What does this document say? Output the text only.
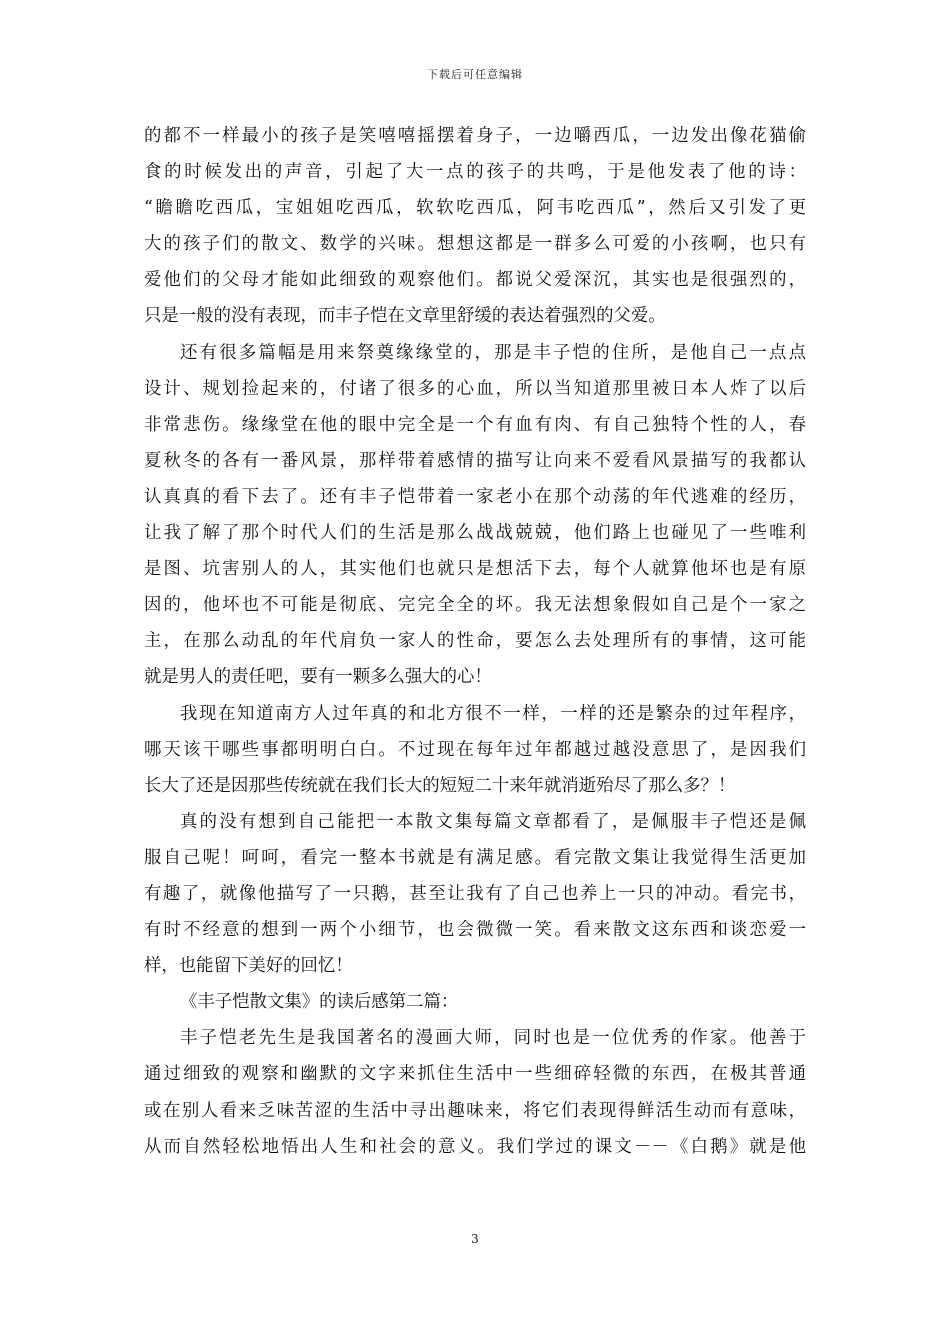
下载后可任意编辑
的都不一样最小的孩子是笑嘻嘻摇摆着身子，一边嚼西瓜，一边发出像花猫偷
食的时候发出的声音，引起了大一点的孩子的共鸣，于是他发表了他的诗：
“瞻瞻吃西瓜，宝姐姐吃西瓜，软软吃西瓜，阿韦吃西瓜”，然后又引发了更
大的孩子们的散文、数学的兴味。想想这都是一群多么可爱的小孩啊，也只有
爱他们的父母才能如此细致的观察他们。都说父爱深沉，其实也是很强烈的，
只是一般的没有表现，而丰子恺在文章里舒缓的表达着强烈的父爱。
还有很多篇幅是用来祭奠缘缘堂的，那是丰子恺的住所，是他自己一点点
设计、规划捡起来的，付诸了很多的心血，所以当知道那里被日本人炸了以后
非常悲伤。缘缘堂在他的眼中完全是一个有血有肉、有自己独特个性的人，春
夏秋冬的各有一番风景，那样带着感情的描写让向来不爱看风景描写的我都认
认真真的看下去了。还有丰子恺带着一家老小在那个动荡的年代逃难的经历，
让我了解了那个时代人们的生活是那么战战兢兢，他们路上也碰见了一些唯利
是图、坑害别人的人，其实他们也就只是想活下去，每个人就算他坏也是有原
因的，他坏也不可能是彻底、完完全全的坏。我无法想象假如自己是个一家之
主，在那么动乱的年代肩负一家人的性命，要怎么去处理所有的事情，这可能
就是男人的责任吧，要有一颗多么强大的心！
我现在知道南方人过年真的和北方很不一样，一样的还是繁杂的过年程序，
哪天该干哪些事都明明白白。不过现在每年过年都越过越没意思了，是因我们
长大了还是因那些传统就在我们长大的短短二十来年就消逝殆尽了那么多？！
真的没有想到自己能把一本散文集每篇文章都看了，是佩服丰子恺还是佩
服自己呢！呵呵，看完一整本书就是有满足感。看完散文集让我觉得生活更加
有趣了，就像他描写了一只鹅，甚至让我有了自己也养上一只的冲动。看完书，
有时不经意的想到一两个小细节，也会微微一笑。看来散文这东西和谈恋爱一
样，也能留下美好的回忆！
《丰子恺散文集》的读后感第二篇：
丰子恺老先生是我国著名的漫画大师，同时也是一位优秀的作家。他善于
通过细致的观察和幽默的文字来抓住生活中一些细碎轻微的东西，在极其普通
或在别人看来乏味苦涩的生活中寻出趣味来，将它们表现得鲜活生动而有意味，
从而自然轻松地悟出人生和社会的意义。我们学过的课文－－《白鹅》就是他
3
